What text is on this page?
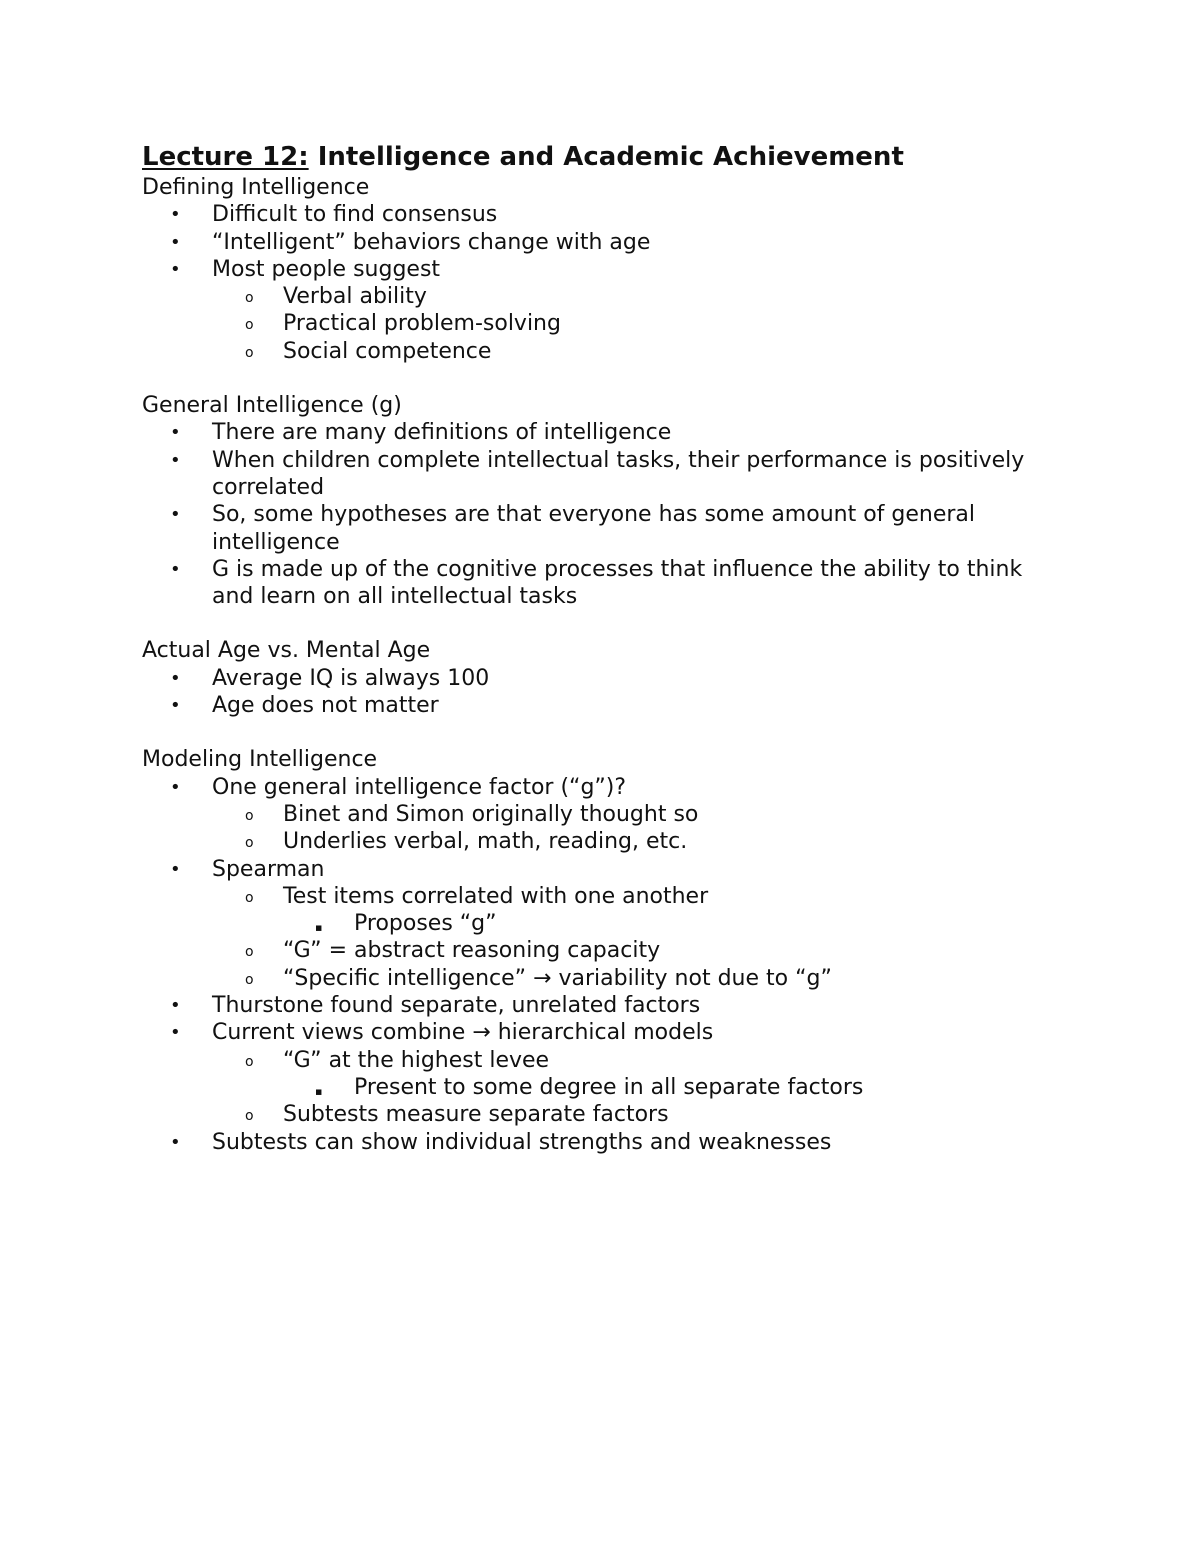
Lecture 12: Intelligence and Academic Achievement

Defining Intelligence

• Difficult to find consensus
• “Intelligent” behaviors change with age
• Most people suggest
o Verbal ability
o Practical problem-solving
o Social competence

General Intelligence (g)

• There are many definitions of intelligence
• When children complete intellectual tasks, their performance is positively correlated
• So, some hypotheses are that everyone has some amount of general intelligence
• G is made up of the cognitive processes that influence the ability to think and learn on all intellectual tasks

Actual Age vs. Mental Age

• Average IQ is always 100
• Age does not matter

Modeling Intelligence

• One general intelligence factor (“g”)?
o Binet and Simon originally thought so
o Underlies verbal, math, reading, etc.
• Spearman
o Test items correlated with one another
▪ Proposes “g”
o “G” = abstract reasoning capacity
o “Specific intelligence” → variability not due to “g”
• Thurstone found separate, unrelated factors
• Current views combine → hierarchical models
o “G” at the highest levee
▪ Present to some degree in all separate factors
o Subtests measure separate factors
• Subtests can show individual strengths and weaknesses
